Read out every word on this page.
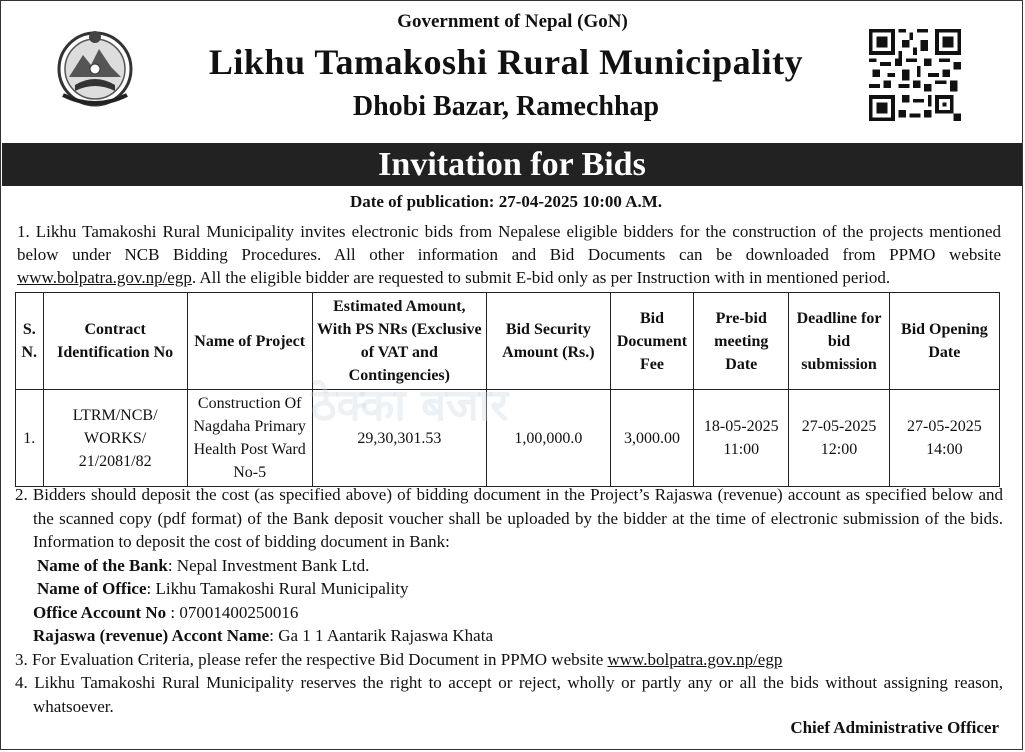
Government of Nepal (GoN)
Likhu Tamakoshi Rural Municipality
Dhobi Bazar, Ramechhap
Invitation for Bids
Date of publication: 27-04-2025 10:00 A.M.
1. Likhu Tamakoshi Rural Municipality invites electronic bids from Nepalese eligible bidders for the construction of the projects mentioned below under NCB Bidding Procedures. All other information and Bid Documents can be downloaded from PPMO website www.bolpatra.gov.np/egp. All the eligible bidder are requested to submit E-bid only as per Instruction with in mentioned period.
S. N.	Contract Identification No	Name of Project	Estimated Amount, With PS NRs (Exclusive of VAT and Contingencies)	Bid Security Amount (Rs.)	Bid Document Fee	Pre-bid meeting Date	Deadline for bid submission	Bid Opening Date
1.	LTRM/NCB/ WORKS/ 21/2081/82	Construction Of Nagdaha Primary Health Post Ward No-5	29,30,301.53	1,00,000.0	3,000.00	18-05-2025 11:00	27-05-2025 12:00	27-05-2025 14:00
ठेक्का बजार
2. Bidders should deposit the cost (as specified above) of bidding document in the Project’s Rajaswa (revenue) account as specified below and the scanned copy (pdf format) of the Bank deposit voucher shall be uploaded by the bidder at the time of electronic submission of the bids. Information to deposit the cost of bidding document in Bank:
Name of the Bank: Nepal Investment Bank Ltd.
Name of Office: Likhu Tamakoshi Rural Municipality
Office Account No : 07001400250016
Rajaswa (revenue) Accont Name: Ga 1 1 Aantarik Rajaswa Khata
3. For Evaluation Criteria, please refer the respective Bid Document in PPMO website www.bolpatra.gov.np/egp
4. Likhu Tamakoshi Rural Municipality reserves the right to accept or reject, wholly or partly any or all the bids without assigning reason, whatsoever.
Chief Administrative Officer
